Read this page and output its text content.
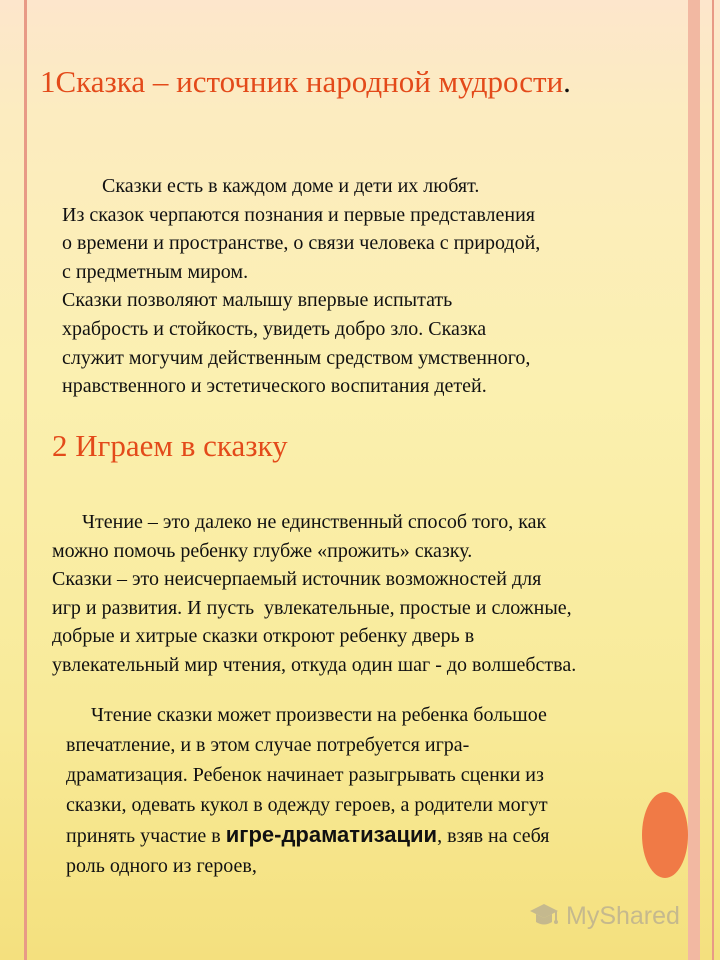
1Сказка – источник народной мудрости.
Сказки есть в каждом доме и дети их любят.
Из сказок черпаются познания и первые представления
о времени и пространстве, о связи человека с природой,
с предметным миром.
Сказки позволяют малышу впервые испытать
храбрость и стойкость, увидеть добро зло. Сказка
служит могучим действенным средством умственного,
нравственного и эстетического воспитания детей.
2 Играем в сказку
Чтение – это далеко не единственный способ того, как
можно помочь ребенку глубже «прожить» сказку.
Сказки – это неисчерпаемый источник возможностей для
игр и развития. И пусть  увлекательные, простые и сложные,
добрые и хитрые сказки откроют ребенку дверь в
увлекательный мир чтения, откуда один шаг - до волшебства.
Чтение сказки может произвести на ребенка большое
впечатление, и в этом случае потребуется игра-
драматизация. Ребенок начинает разыгрывать сценки из
сказки, одевать кукол в одежду героев, а родители могут
принять участие в игре-драматизации, взяв на себя
роль одного из героев,
MyShared
